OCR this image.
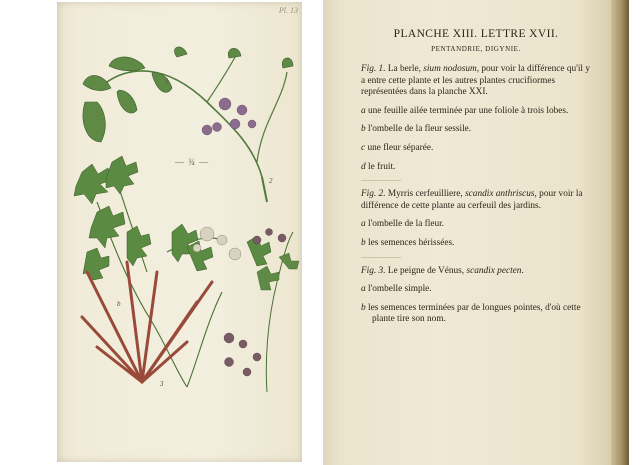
Pl. 13
— ¾ —
1
2
3
b
PLANCHE XIII. LETTRE XVII.
PENTANDRIE, DIGYNIE.

Fig. 1. La berle, sium nodosum, pour voir la différence qu'il y a entre cette plante et les autres plantes crucifiormes représentées dans la planche XXI.

a une feuille ailée terminée par une foliole à trois lobes.

b l'ombelle de la fleur sessile.

c une fleur séparée.

d le fruit.

Fig. 2. Myrris cerfeuilliere, scandix anthriscus, pour voir la différence de cette plante au cerfeuil des jardins.

a l'ombelle de la fleur.

b les semences hérissées.

Fig. 3. Le peigne de Vénus, scandix pecten.

a l'ombelle simple.

b les semences terminées par de longues pointes, d'où cette plante tire son nom.
